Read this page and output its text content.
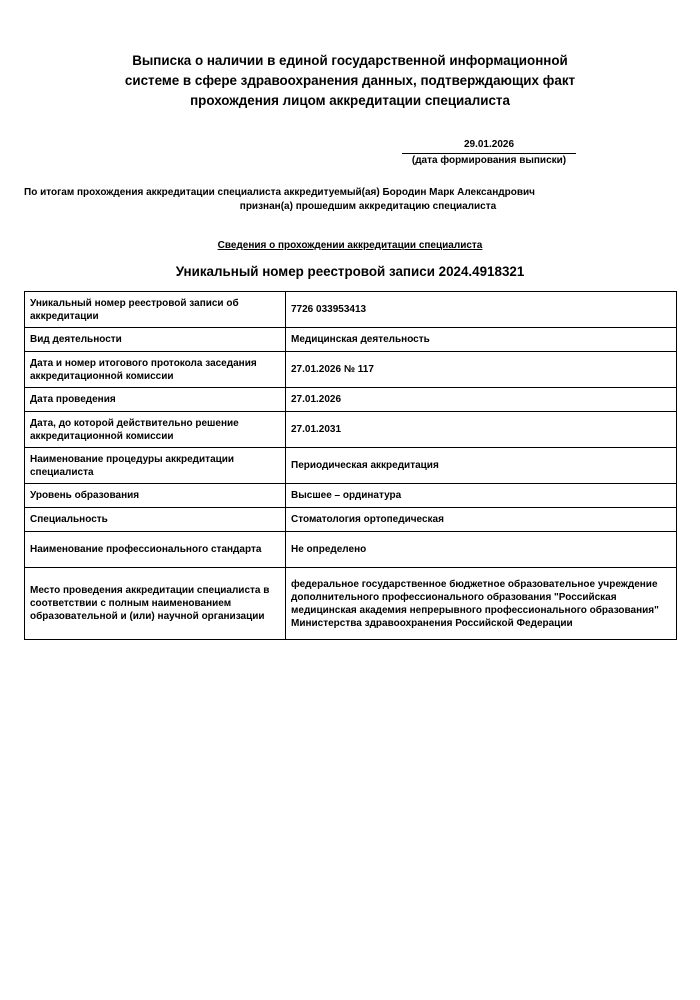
Выписка о наличии в единой государственной информационной
системе в сфере здравоохранения данных, подтверждающих факт
прохождения лицом аккредитации специалиста
29.01.2026
(дата формирования выписки)
По итогам прохождения аккредитации специалиста аккредитуемый(ая) Бородин Марк Александрович
признан(а) прошедшим аккредитацию специалиста
Сведения о прохождении аккредитации специалиста
Уникальный номер реестровой записи 2024.4918321
Уникальный номер реестровой записи об аккредитации	7726 033953413
Вид деятельности	Медицинская деятельность
Дата и номер итогового протокола заседания аккредитационной комиссии	27.01.2026 № 117
Дата проведения	27.01.2026
Дата, до которой действительно решение аккредитационной комиссии	27.01.2031
Наименование процедуры аккредитации специалиста	Периодическая аккредитация
Уровень образования	Высшее – ординатура
Специальность	Стоматология ортопедическая
Наименование профессионального стандарта	Не определено
Место проведения аккредитации специалиста в соответствии с полным наименованием образовательной и (или) научной организации	федеральное государственное бюджетное образовательное учреждение дополнительного профессионального образования "Российская медицинская академия непрерывного профессионального образования" Министерства здравоохранения Российской Федерации
